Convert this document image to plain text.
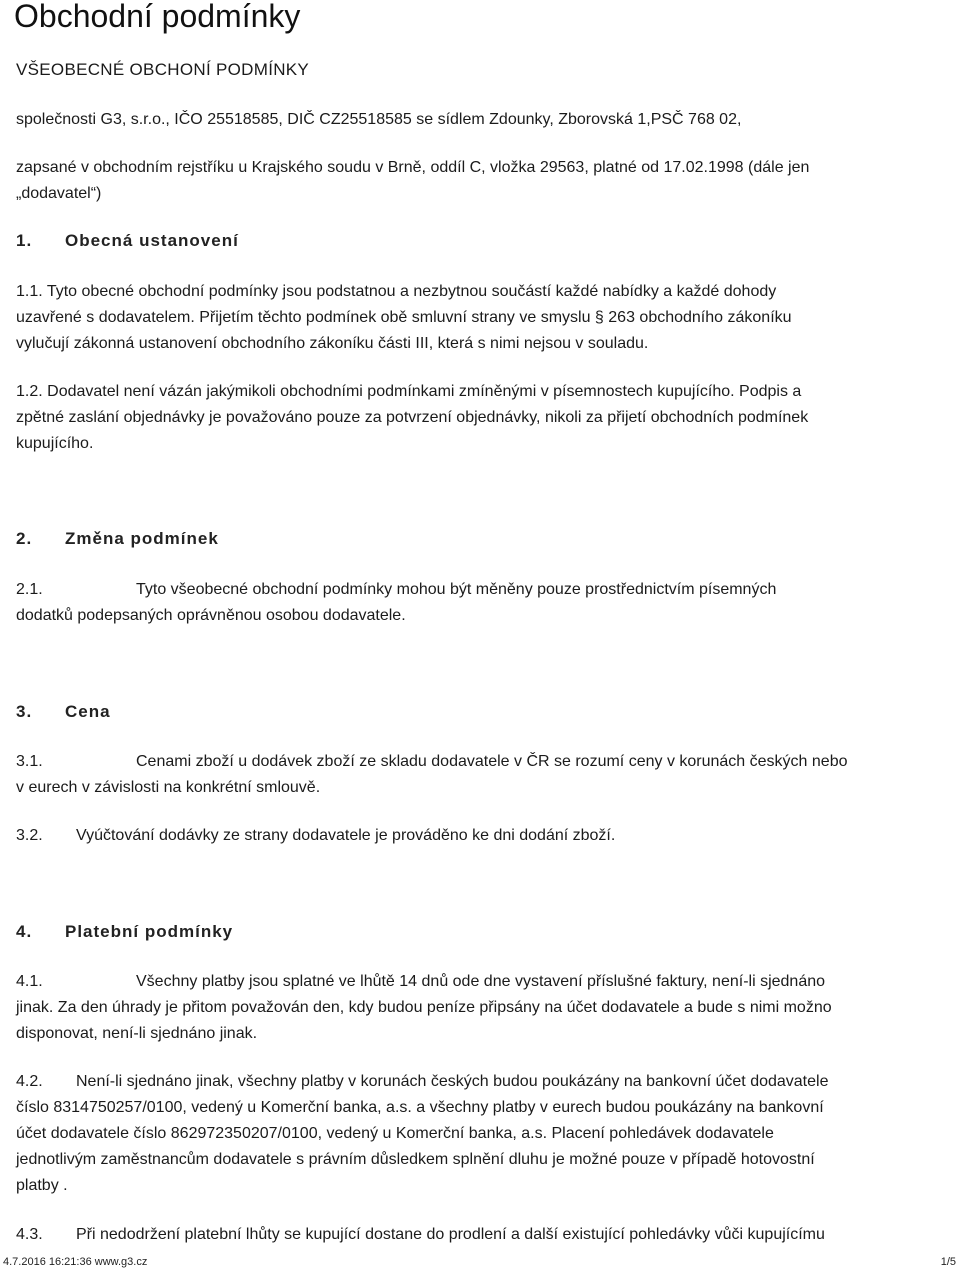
Obchodní podmínky
VŠEOBECNÉ OBCHONÍ PODMÍNKY
společnosti G3, s.r.o., IČO 25518585, DIČ CZ25518585 se sídlem Zdounky, Zborovská 1,PSČ 768 02,
zapsané v obchodním rejstříku u Krajského soudu v Brně, oddíl C, vložka 29563, platné od 17.02.1998 (dále jen
„dodavatel“)
1. Obecná ustanovení
1.1. Tyto obecné obchodní podmínky jsou podstatnou a nezbytnou součástí každé nabídky a každé dohody
uzavřené s dodavatelem. Přijetím těchto podmínek obě smluvní strany ve smyslu § 263 obchodního zákoníku
vylučují zákonná ustanovení obchodního zákoníku části III, která s nimi nejsou v souladu.
1.2. Dodavatel není vázán jakýmikoli obchodními podmínkami zmíněnými v písemnostech kupujícího. Podpis a
zpětné zaslání objednávky je považováno pouze za potvrzení objednávky, nikoli za přijetí obchodních podmínek
kupujícího.
2. Změna podmínek
2.1.	Tyto všeobecné obchodní podmínky mohou být měněny pouze prostřednictvím písemných
dodatků podepsaných oprávněnou osobou dodavatele.
3. Cena
3.1.	Cenami zboží u dodávek zboží ze skladu dodavatele v ČR se rozumí ceny v korunách českých nebo
v eurech v závislosti na konkrétní smlouvě.
3.2. Vyúčtování dodávky ze strany dodavatele je prováděno ke dni dodání zboží.
4. Platební podmínky
4.1.	Všechny platby jsou splatné ve lhůtě 14 dnů ode dne vystavení příslušné faktury, není-li sjednáno
jinak. Za den úhrady je přitom považován den, kdy budou peníze připsány na účet dodavatele a bude s nimi možno
disponovat, není-li sjednáno jinak.
4.2. Není-li sjednáno jinak, všechny platby v korunách českých budou poukázány na bankovní účet dodavatele
číslo 8314750257/0100, vedený u Komerční banka, a.s. a všechny platby v eurech budou poukázány na bankovní
účet dodavatele číslo 862972350207/0100, vedený u Komerční banka, a.s. Placení pohledávek dodavatele
jednotlivým zaměstnancům dodavatele s právním důsledkem splnění dluhu je možné pouze v případě hotovostní
platby .
4.3. Při nedodržení platební lhůty se kupující dostane do prodlení a další existující pohledávky vůči kupujícímu
4.7.2016 16:21:36 www.g3.cz	1/5
